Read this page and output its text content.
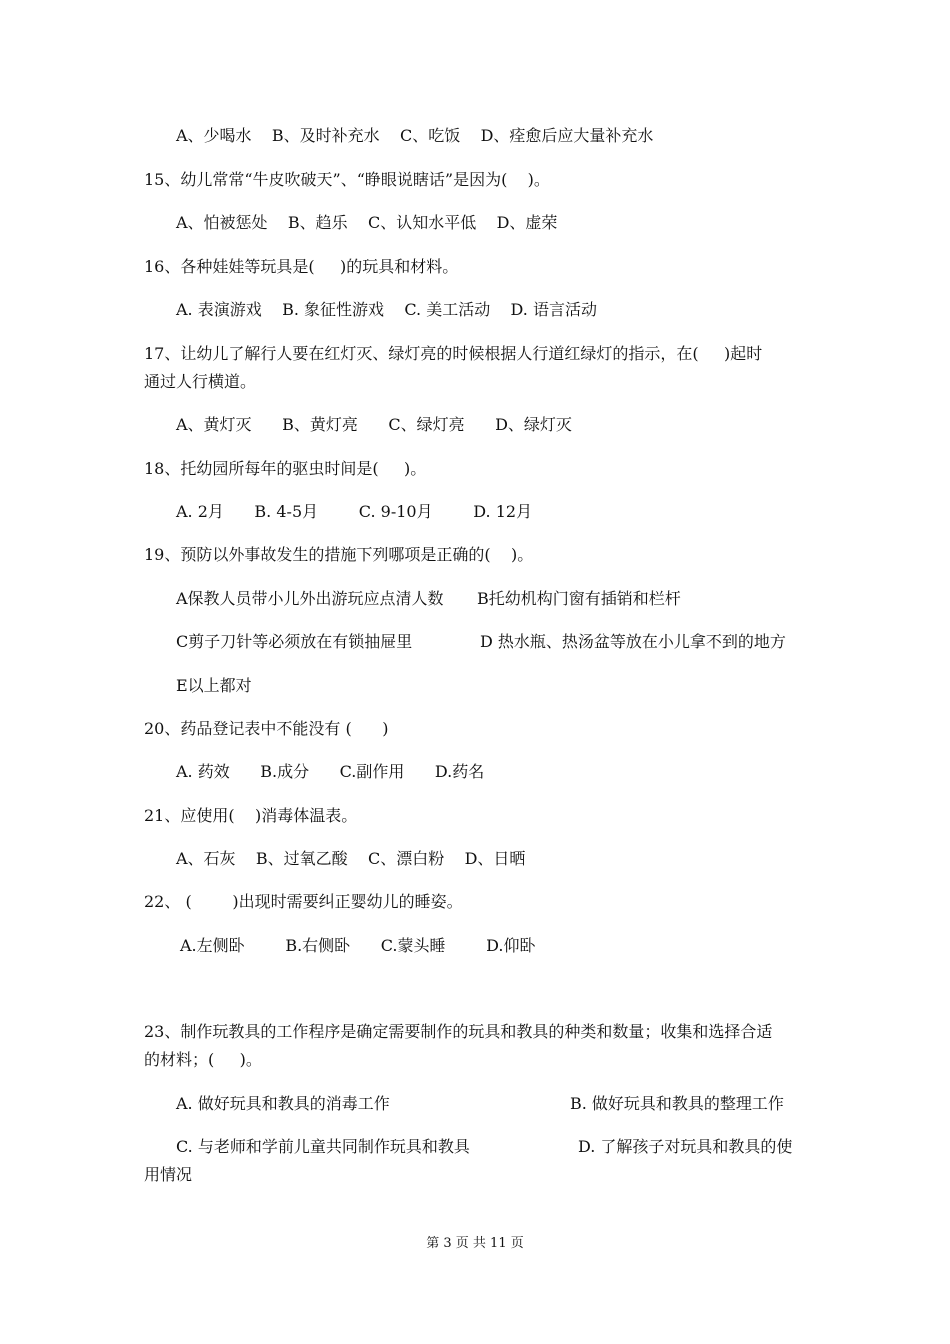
A、少喝水    B、及时补充水    C、吃饭    D、痊愈后应大量补充水
15、幼儿常常“牛皮吹破天”、“睁眼说瞎话”是因为(    )。
A、怕被惩处    B、趋乐    C、认知水平低    D、虚荣
16、各种娃娃等玩具是(     )的玩具和材料。
A. 表演游戏    B. 象征性游戏    C. 美工活动    D. 语言活动
17、让幼儿了解行人要在红灯灭、绿灯亮的时候根据人行道红绿灯的指示，在(     )起时
通过人行横道。
A、黄灯灭      B、黄灯亮      C、绿灯亮      D、绿灯灭
18、托幼园所每年的驱虫时间是(     )。
A. 2月      B. 4-5月        C. 9-10月        D. 12月
19、预防以外事故发生的措施下列哪项是正确的(    )。
A保教人员带小儿外出游玩应点清人数 B托幼机构门窗有插销和栏杆
C剪子刀针等必须放在有锁抽屉里	D 热水瓶、热汤盆等放在小儿拿不到的地方
E以上都对
20、药品登记表中不能没有 (      )
A. 药效      B.成分      C.副作用      D.药名
21、应使用(    )消毒体温表。
A、石灰    B、过氧乙酸    C、漂白粉    D、日晒
22、 (        )出现时需要纠正婴幼儿的睡姿。
A.左侧卧        B.右侧卧      C.蒙头睡        D.仰卧
23、制作玩教具的工作程序是确定需要制作的玩具和教具的种类和数量；收集和选择合适
的材料；(     )。
A. 做好玩具和教具的消毒工作	B. 做好玩具和教具的整理工作
C. 与老师和学前儿童共同制作玩具和教具	D. 了解孩子对玩具和教具的使
用情况
第 3 页 共 11 页
